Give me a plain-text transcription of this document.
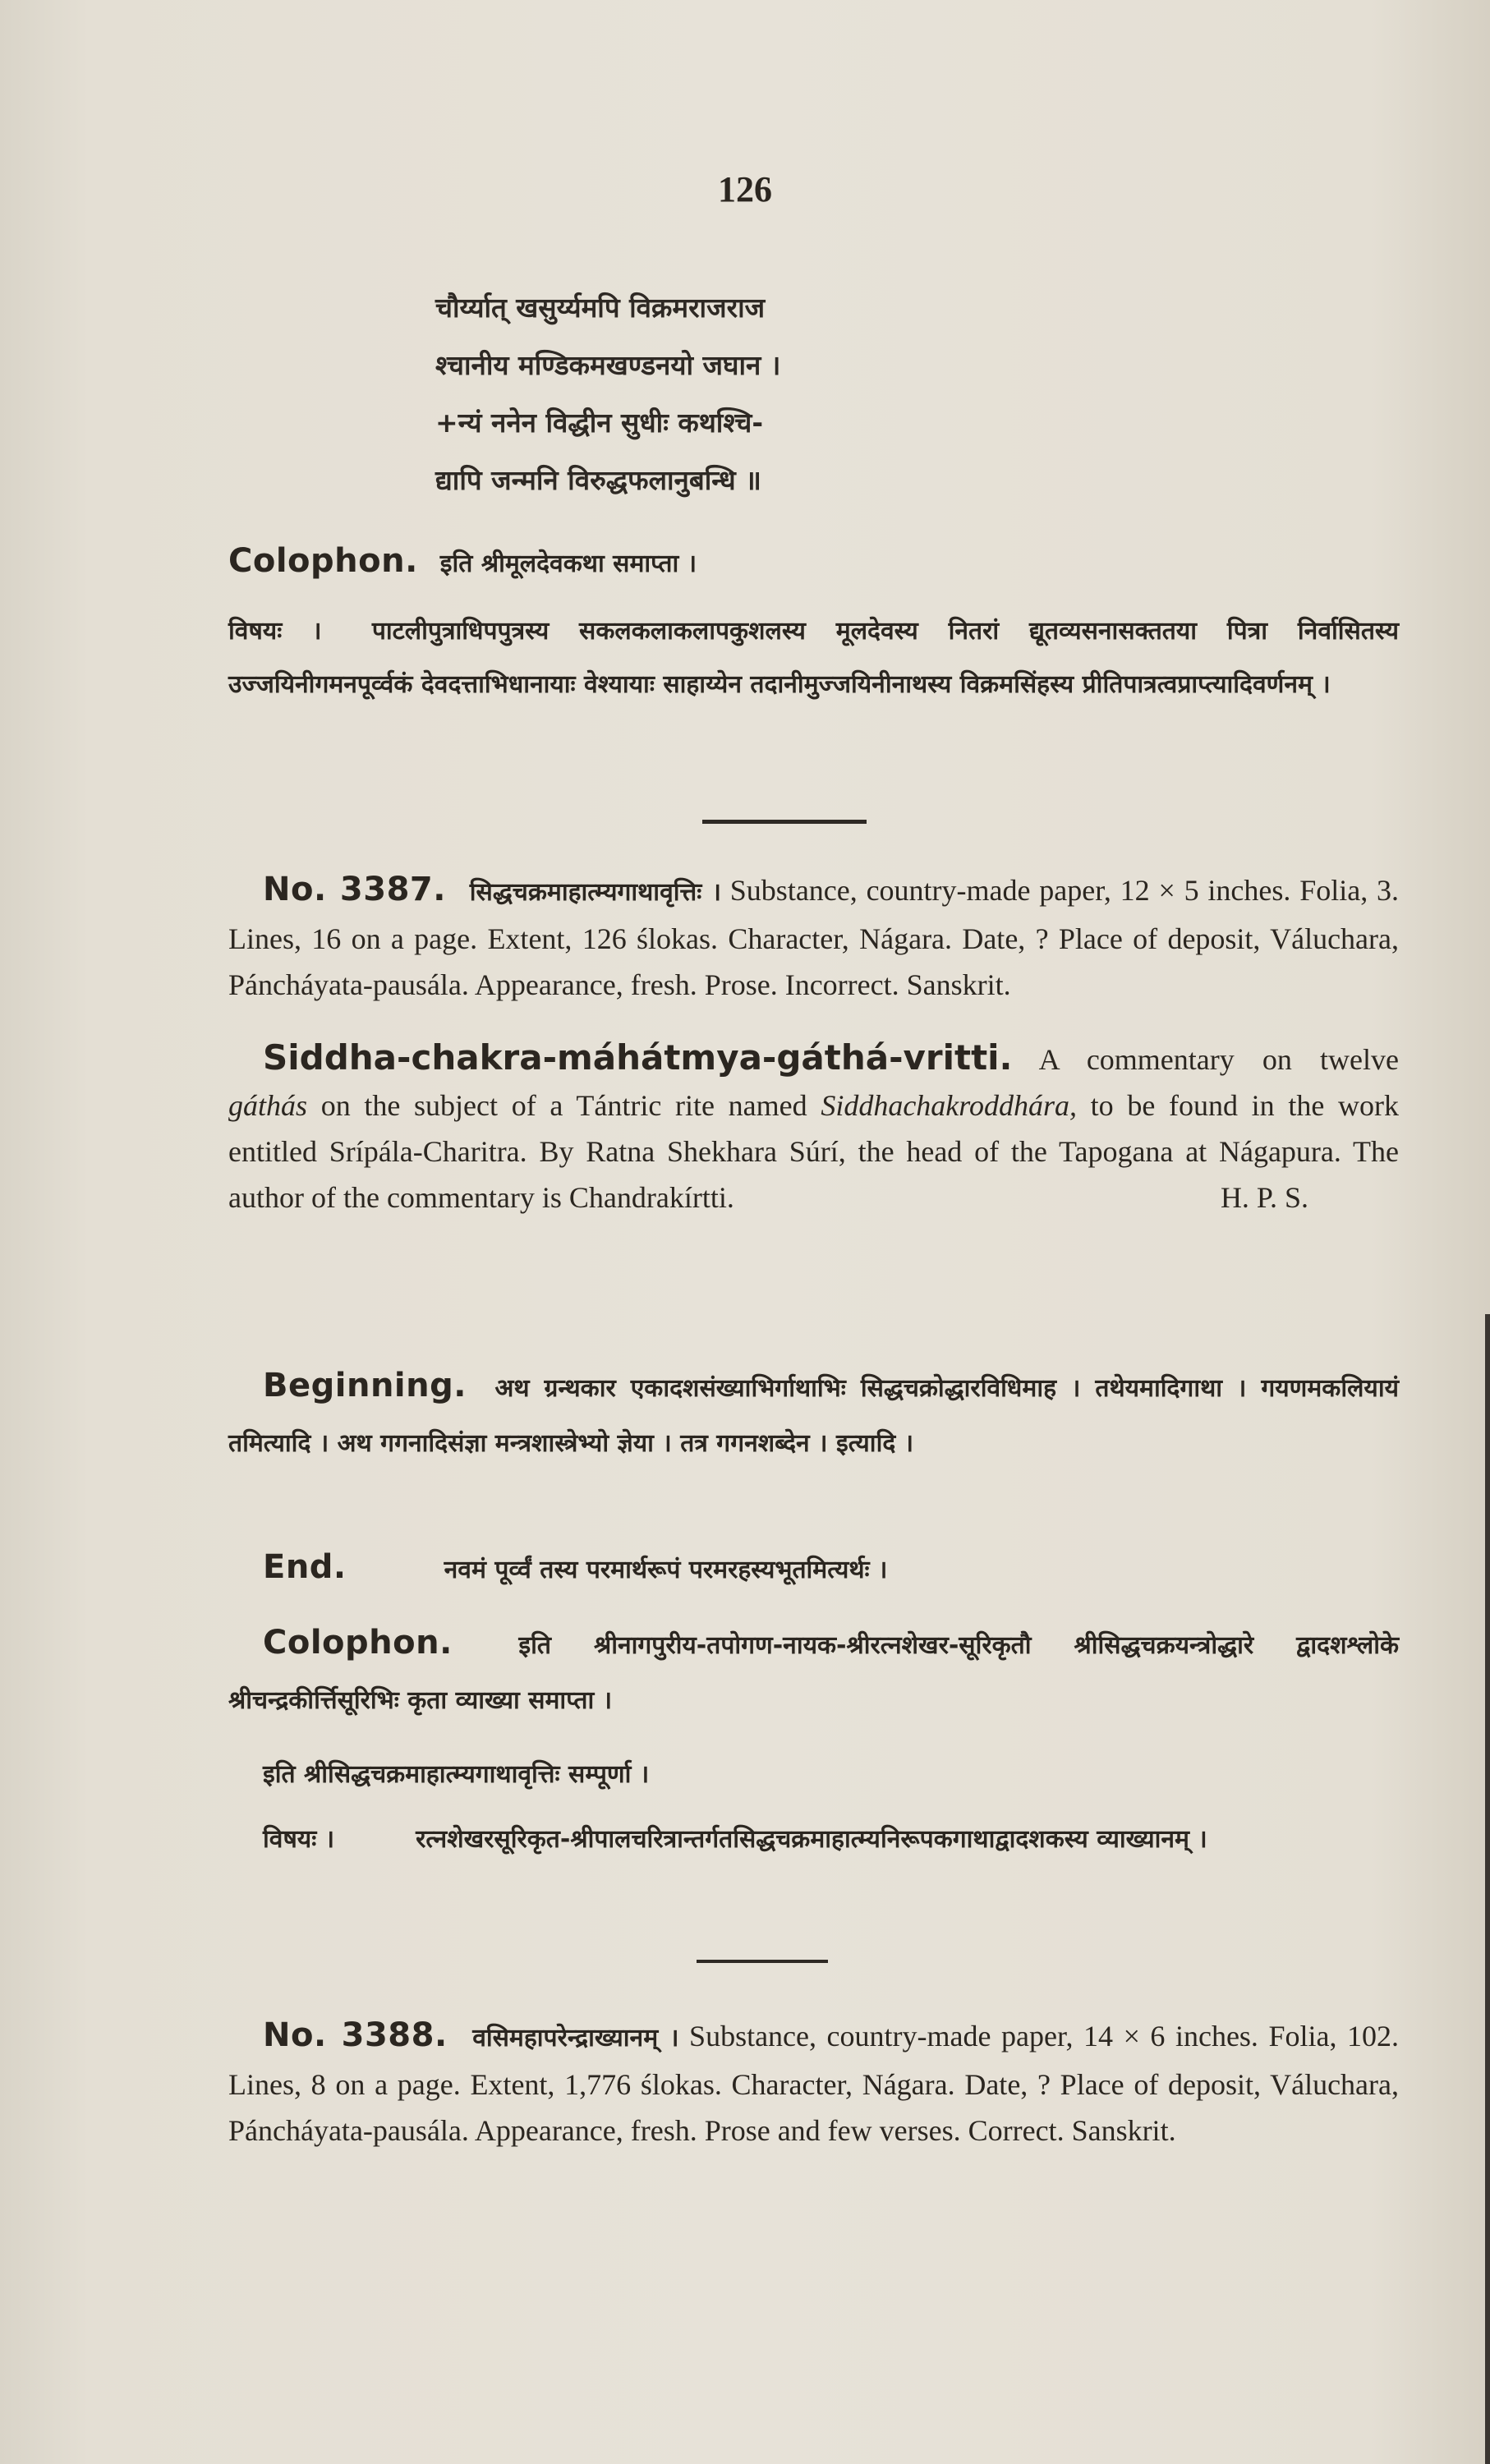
126
चौर्य्यात् खसुर्य्यमपि विक्रमराजराज
श्चानीय मण्डिकमखण्डनयो जघान ।
+न्यं ननेन विद्धीन सुधीः कथश्चि-
द्यापि जन्मनि विरुद्धफलानुबन्धि ॥
Colophon. इति श्रीमूलदेवकथा समाप्ता ।
विषयः । पाटलीपुत्राधिपपुत्रस्य सकलकलाकलापकुशलस्य मूलदेवस्य नितरां द्यूतव्यसनासक्ततया पित्रा निर्वासितस्य उज्जयिनीगमनपूर्व्वकं देवदत्ताभिधानायाः वेश्यायाः साहाय्येन तदानीमुज्जयिनीनाथस्य विक्रमसिंहस्य प्रीतिपात्रत्वप्राप्त्यादिवर्णनम् ।
No. 3387. सिद्धचक्रमाहात्म्यगाथावृत्तिः । Substance, country-made paper, 12 × 5 inches. Folia, 3. Lines, 16 on a page. Extent, 126 ślokas. Character, Nágara. Date, ? Place of deposit, Váluchara, Páncháyata-pausála. Appearance, fresh. Prose. Incorrect. Sanskrit.
Siddha-chakra-máhátmya-gáthá-vritti. A commentary on twelve gáthás on the subject of a Tántric rite named Siddhachakroddhára, to be found in the work entitled Srípála-Charitra. By Ratna Shekhara Súrí, the head of the Tapogana at Nágapura. The author of the commentary is Chandrakírtti.	H. P. S.
Beginning. अथ ग्रन्थकार एकादशसंख्याभिर्गाथाभिः सिद्धचक्रोद्धारविधिमाह । तथेयमादिगाथा । गयणमकलियायं तमित्यादि । अथ गगनादिसंज्ञा मन्त्रशास्त्रेभ्यो ज्ञेया । तत्र गगनशब्देन । इत्यादि ।
End.	नवमं पूर्व्वं तस्य परमार्थरूपं परमरहस्यभूतमित्यर्थः ।
Colophon.	इति श्रीनागपुरीय-तपोगण-नायक-श्रीरत्नशेखर-सूरिकृतौ श्रीसिद्धचक्रयन्त्रोद्धारे द्वादशश्लोके श्रीचन्द्रकीर्त्तिसूरिभिः कृता व्याख्या समाप्ता ।
इति श्रीसिद्धचक्रमाहात्म्यगाथावृत्तिः सम्पूर्णा ।
विषयः ।	रत्नशेखरसूरिकृत-श्रीपालचरित्रान्तर्गतसिद्धचक्रमाहात्म्यनिरूपकगाथाद्वादशकस्य व्याख्यानम् ।
No. 3388. वसिमहापरेन्द्राख्यानम् । Substance, country-made paper, 14 × 6 inches. Folia, 102. Lines, 8 on a page. Extent, 1,776 ślokas. Character, Nágara. Date, ? Place of deposit, Váluchara, Páncháyata-pausála. Appearance, fresh. Prose and few verses. Correct. Sanskrit.
